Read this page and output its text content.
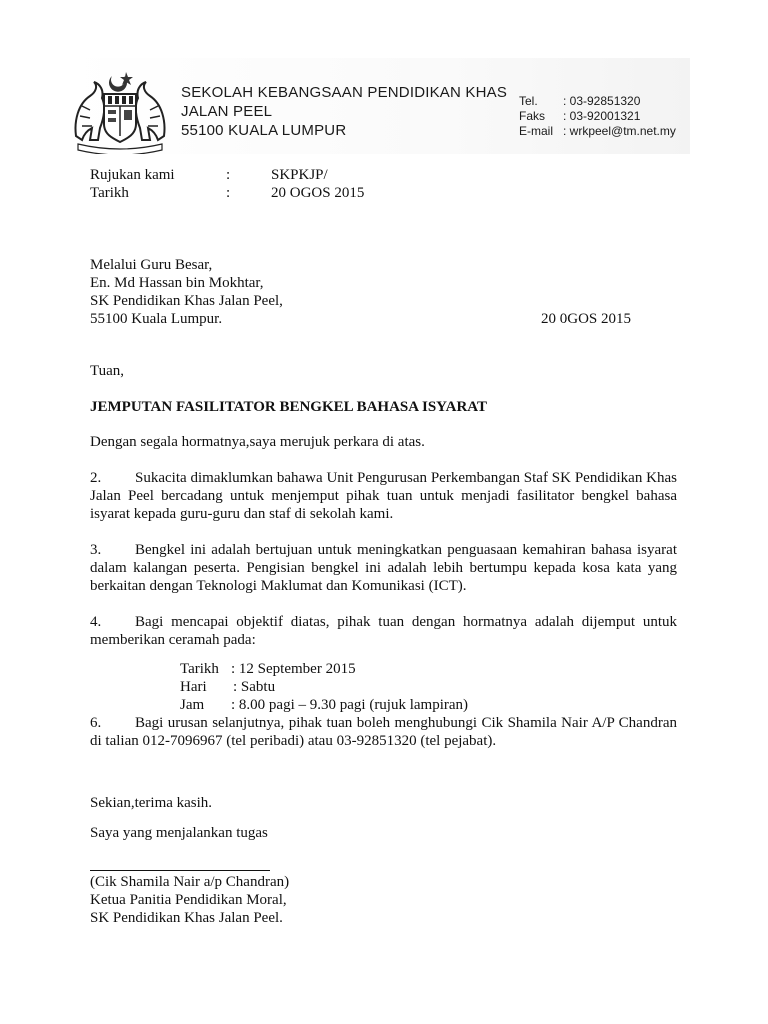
SEKOLAH KEBANGSAAN PENDIDIKAN KHAS
JALAN PEEL
55100 KUALA LUMPUR
Tel. : 03-92851320
Faks : 03-92001321
E-mail : wrkpeel@tm.net.my
Rujukan kami	:	SKPKJP/
Tarikh	:	20 OGOS 2015
Melalui Guru Besar,
En. Md Hassan bin Mokhtar,
SK Pendidikan Khas Jalan Peel,
55100 Kuala Lumpur.	20 0GOS 2015
Tuan,
JEMPUTAN FASILITATOR BENGKEL BAHASA ISYARAT
Dengan segala hormatnya,saya merujuk perkara di atas.
2. Sukacita dimaklumkan bahawa Unit Pengurusan Perkembangan Staf SK Pendidikan Khas Jalan Peel bercadang untuk menjemput pihak tuan untuk menjadi fasilitator bengkel bahasa isyarat kepada guru-guru dan staf di sekolah kami.
3. Bengkel ini adalah bertujuan untuk meningkatkan penguasaan kemahiran bahasa isyarat dalam kalangan peserta. Pengisian bengkel ini adalah lebih bertumpu kepada kosa kata yang berkaitan dengan Teknologi Maklumat dan Komunikasi (ICT).
4. Bagi mencapai objektif diatas, pihak tuan dengan hormatnya adalah dijemput untuk memberikan ceramah pada:
Tarikh : 12 September 2015
Hari : Sabtu
Jam : 8.00 pagi – 9.30 pagi (rujuk lampiran)
6. Bagi urusan selanjutnya, pihak tuan boleh menghubungi Cik Shamila Nair A/P Chandran di talian 012-7096967 (tel peribadi) atau 03-92851320 (tel pejabat).
Sekian,terima kasih.
Saya yang menjalankan tugas
(Cik Shamila Nair a/p Chandran)
Ketua Panitia Pendidikan Moral,
SK Pendidikan Khas Jalan Peel.
